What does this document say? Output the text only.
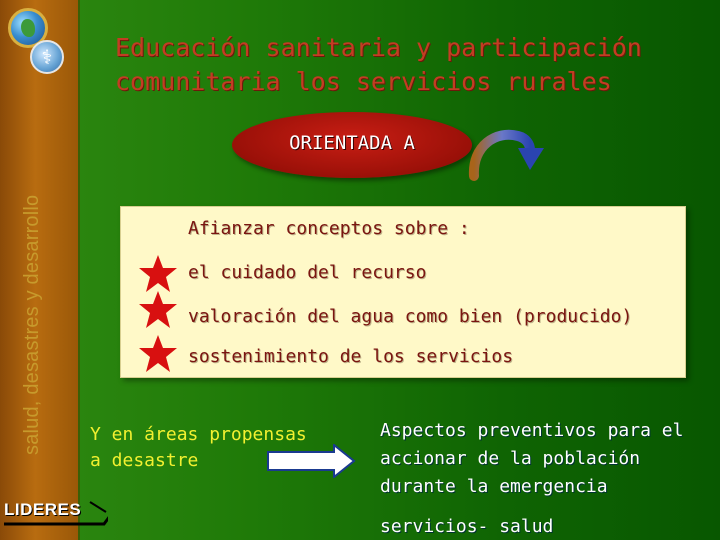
⚕
salud, desastres y desarrollo
LIDERES
Educación sanitaria y participación
comunitaria los servicios rurales
ORIENTADA A
Afianzar conceptos sobre :
el cuidado del recurso
valoración del agua como bien (producido)
sostenimiento de los servicios
Y en áreas propensas
a desastre
Aspectos preventivos para el
accionar de la población
durante la emergencia
servicios- salud
